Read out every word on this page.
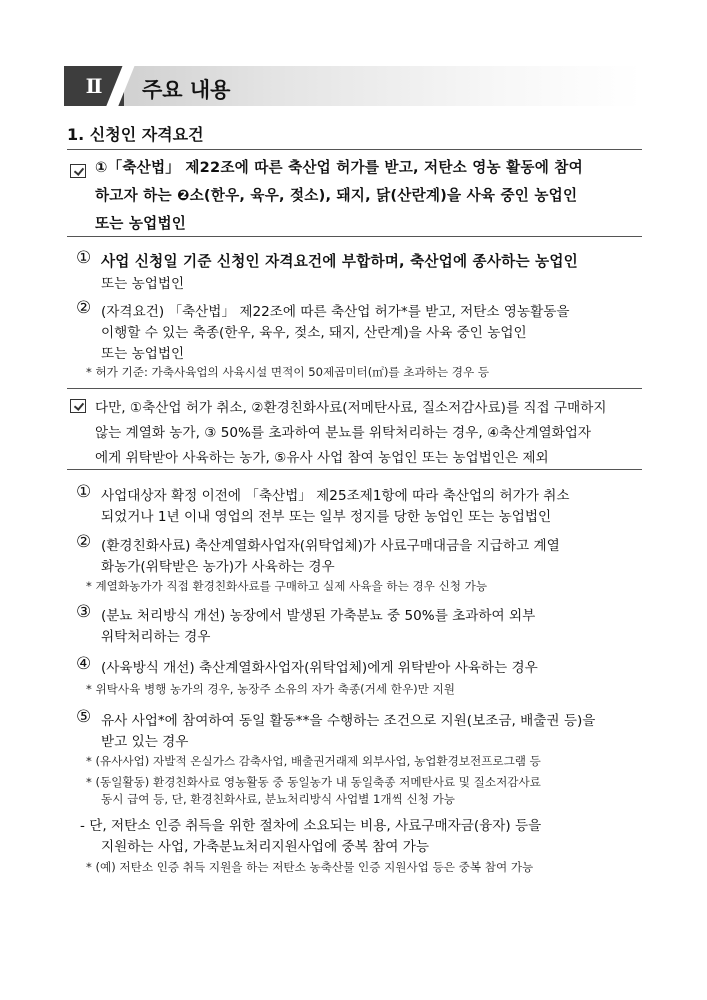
Ⅱ	주요 내용
1. 신청인 자격요건
①「축산법」 제22조에 따른 축산업 허가를 받고, 저탄소 영농 활동에 참여
하고자 하는 ❷소(한우, 육우, 젖소), 돼지, 닭(산란계)을 사육 중인 농업인
또는 농업법인
① 사업 신청일 기준 신청인 자격요건에 부합하며, 축산업에 종사하는 농업인
또는 농업법인
② (자격요건) 「축산법」 제22조에 따른 축산업 허가*를 받고, 저탄소 영농활동을
이행할 수 있는 축종(한우, 육우, 젖소, 돼지, 산란계)을 사육 중인 농업인
또는 농업법인
* 허가 기준: 가축사육업의 사육시설 면적이 50제곱미터(㎡)를 초과하는 경우 등
다만, ①축산업 허가 취소, ②환경친화사료(저메탄사료, 질소저감사료)를 직접 구매하지
않는 계열화 농가, ③ 50%를 초과하여 분뇨를 위탁처리하는 경우, ④축산계열화업자
에게 위탁받아 사육하는 농가, ⑤유사 사업 참여 농업인 또는 농업법인은 제외
① 사업대상자 확정 이전에 「축산법」 제25조제1항에 따라 축산업의 허가가 취소
되었거나 1년 이내 영업의 전부 또는 일부 정지를 당한 농업인 또는 농업법인
② (환경친화사료) 축산계열화사업자(위탁업체)가 사료구매대금을 지급하고 계열
화농가(위탁받은 농가)가 사육하는 경우
* 계열화농가가 직접 환경친화사료를 구매하고 실제 사육을 하는 경우 신청 가능
③ (분뇨 처리방식 개선) 농장에서 발생된 가축분뇨 중 50%를 초과하여 외부
위탁처리하는 경우
④ (사육방식 개선) 축산계열화사업자(위탁업체)에게 위탁받아 사육하는 경우
* 위탁사육 병행 농가의 경우, 농장주 소유의 자가 축종(거세 한우)만 지원
⑤ 유사 사업*에 참여하여 동일 활동**을 수행하는 조건으로 지원(보조금, 배출권 등)을
받고 있는 경우
* (유사사업) 자발적 온실가스 감축사업, 배출권거래제 외부사업, 농업환경보전프로그램 등
* (동일활동) 환경친화사료 영농활동 중 동일농가 내 동일축종 저메탄사료 및 질소저감사료
동시 급여 등, 단, 환경친화사료, 분뇨처리방식 사업별 1개씩 신청 가능
- 단, 저탄소 인증 취득을 위한 절차에 소요되는 비용, 사료구매자금(융자) 등을
지원하는 사업, 가축분뇨처리지원사업에 중복 참여 가능
* (예) 저탄소 인증 취득 지원을 하는 저탄소 농축산물 인증 지원사업 등은 중복 참여 가능
